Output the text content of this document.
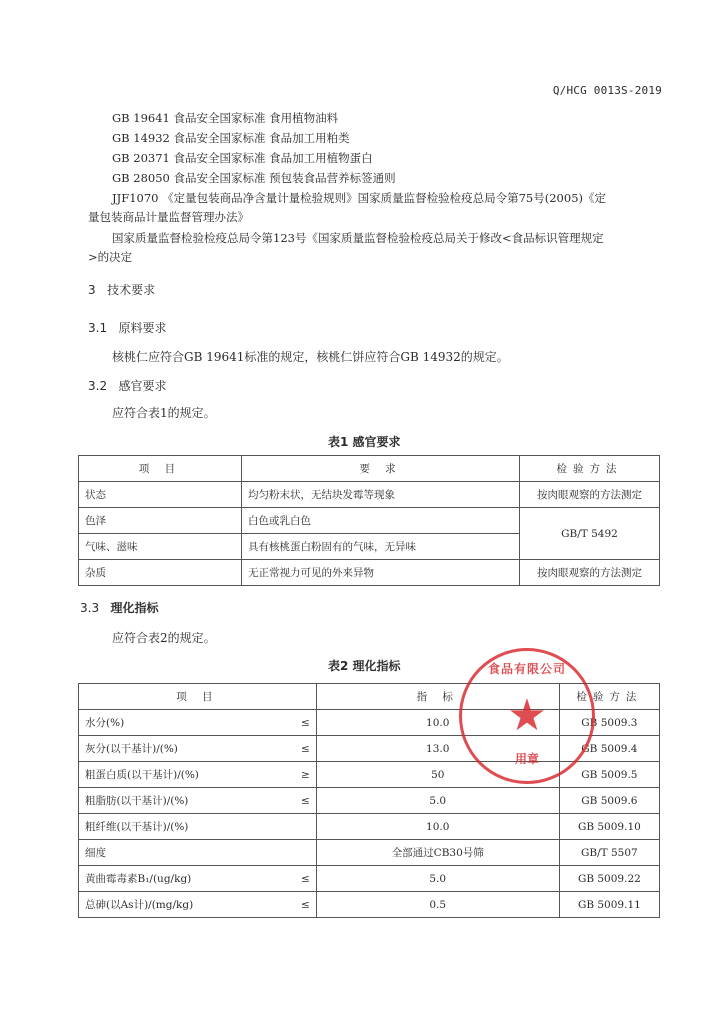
Q/HCG 0013S-2019
GB 19641 食品安全国家标准 食用植物油料
GB 14932 食品安全国家标准 食品加工用粕类
GB 20371 食品安全国家标准 食品加工用植物蛋白
GB 28050 食品安全国家标准 预包装食品营养标签通则
JJF1070 《定量包装商品净含量计量检验规则》国家质量监督检验检疫总局令第75号(2005)《定
量包装商品计量监督管理办法》
国家质量监督检验检疫总局令第123号《国家质量监督检验检疫总局关于修改<食品标识管理规定
>的决定
3 技术要求
3.1 原料要求
核桃仁应符合GB 19641标准的规定，核桃仁饼应符合GB 14932的规定。
3.2 感官要求
应符合表1的规定。
表1 感官要求
项 目	要 求	检验方法
状态	均匀粉末状，无结块发霉等现象	按肉眼观察的方法测定
色泽	白色或乳白色	GB/T 5492
气味、滋味	具有核桃蛋白粉固有的气味，无异味	
杂质	无正常视力可见的外来异物	按肉眼观察的方法测定
3.3 理化指标
应符合表2的规定。
表2 理化指标
项 目		指 标	检验方法
水分(%)	≤	10.0	GB 5009.3
灰分(以干基计)/(%)	≤	13.0	GB 5009.4
粗蛋白质(以干基计)/(%)	≥	50	GB 5009.5
粗脂肪(以干基计)/(%)	≤	5.0	GB 5009.6
粗纤维(以干基计)/(%)		10.0	GB 5009.10
细度		全部通过CB30号筛	GB/T 5507
黄曲霉毒素B₁/(ug/kg)	≤	5.0	GB 5009.22
总砷(以As计)/(mg/kg)	≤	0.5	GB 5009.11
食品有限公司
★
用章
